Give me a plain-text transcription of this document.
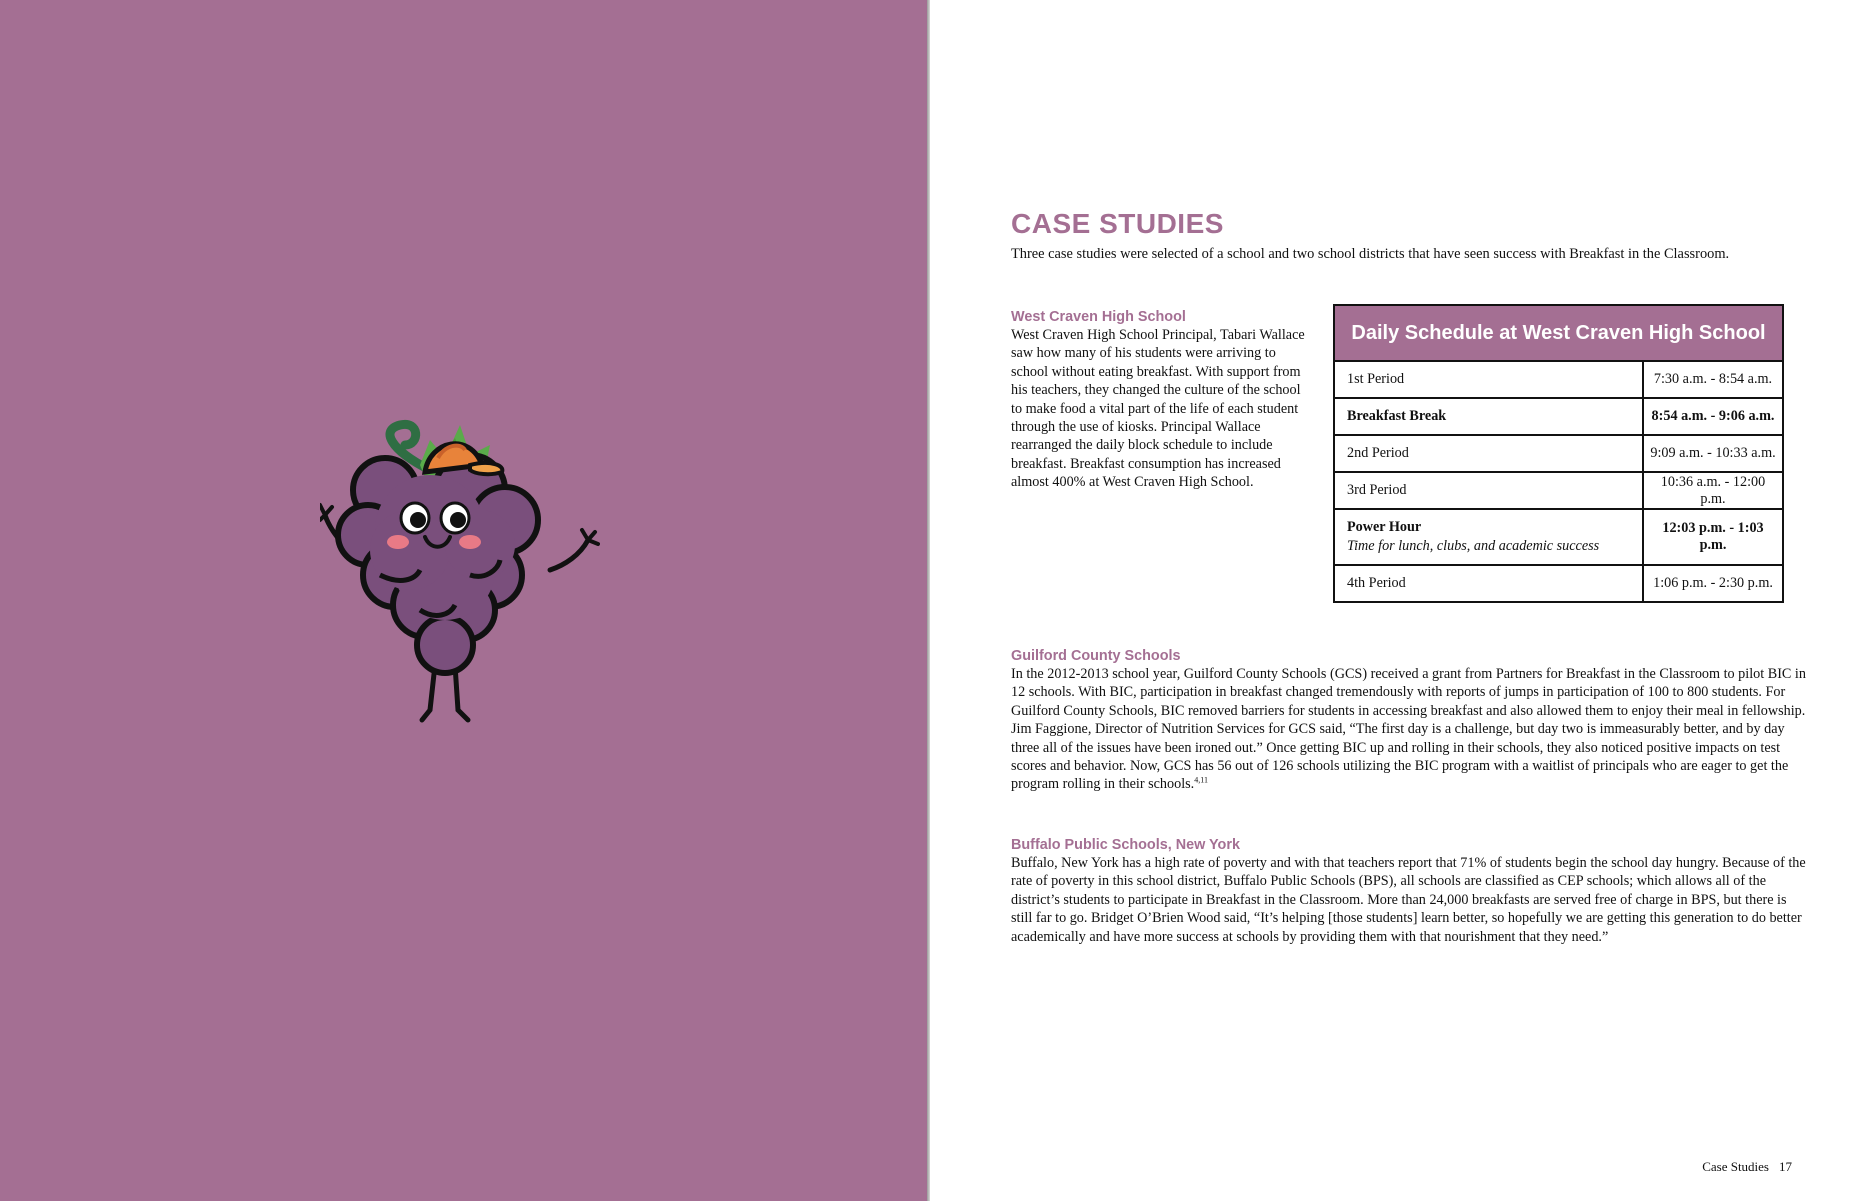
CASE STUDIES

Three case studies were selected of a school and two school districts that have seen success with Breakfast in the Classroom.

West Craven High School

West Craven High School Principal, Tabari Wallace saw how many of his students were arriving to school without eating breakfast. With support from his teachers, they changed the culture of the school to make food a vital part of the life of each student through the use of kiosks. Principal Wallace rearranged the daily block schedule to include breakfast. Breakfast consumption has increased almost 400% at West Craven High School.

Daily Schedule at West Craven High School
1st Period	7:30 a.m. - 8:54 a.m.
Breakfast Break	8:54 a.m. - 9:06 a.m.
2nd Period	9:09 a.m. - 10:33 a.m.
3rd Period	10:36 a.m. - 12:00 p.m.
Power Hour
Time for lunch, clubs, and academic success	12:03 p.m. - 1:03 p.m.
4th Period	1:06 p.m. - 2:30 p.m.
Guilford County Schools

In the 2012-2013 school year, Guilford County Schools (GCS) received a grant from Partners for Breakfast in the Classroom to pilot BIC in 12 schools. With BIC, participation in breakfast changed tremendously with reports of jumps in participation of 100 to 800 students. For Guilford County Schools, BIC removed barriers for students in accessing breakfast and also allowed them to enjoy their meal in fellowship. Jim Faggione, Director of Nutrition Services for GCS said, “The first day is a challenge, but day two is immeasurably better, and by day three all of the issues have been ironed out.” Once getting BIC up and rolling in their schools, they also noticed positive impacts on test scores and behavior. Now, GCS has 56 out of 126 schools utilizing the BIC program with a waitlist of principals who are eager to get the program rolling in their schools.$^{4,11}$

Buffalo Public Schools, New York

Buffalo, New York has a high rate of poverty and with that teachers report that 71% of students begin the school day hungry. Because of the rate of poverty in this school district, Buffalo Public Schools (BPS), all schools are classified as CEP schools; which allows all of the district’s students to participate in Breakfast in the Classroom. More than 24,000 breakfasts are served free of charge in BPS, but there is still far to go. Bridget O’Brien Wood said, “It’s helping [those students] learn better, so hopefully we are getting this generation to do better academically and have more success at schools by providing them with that nourishment that they need.”

Case Studies 17
